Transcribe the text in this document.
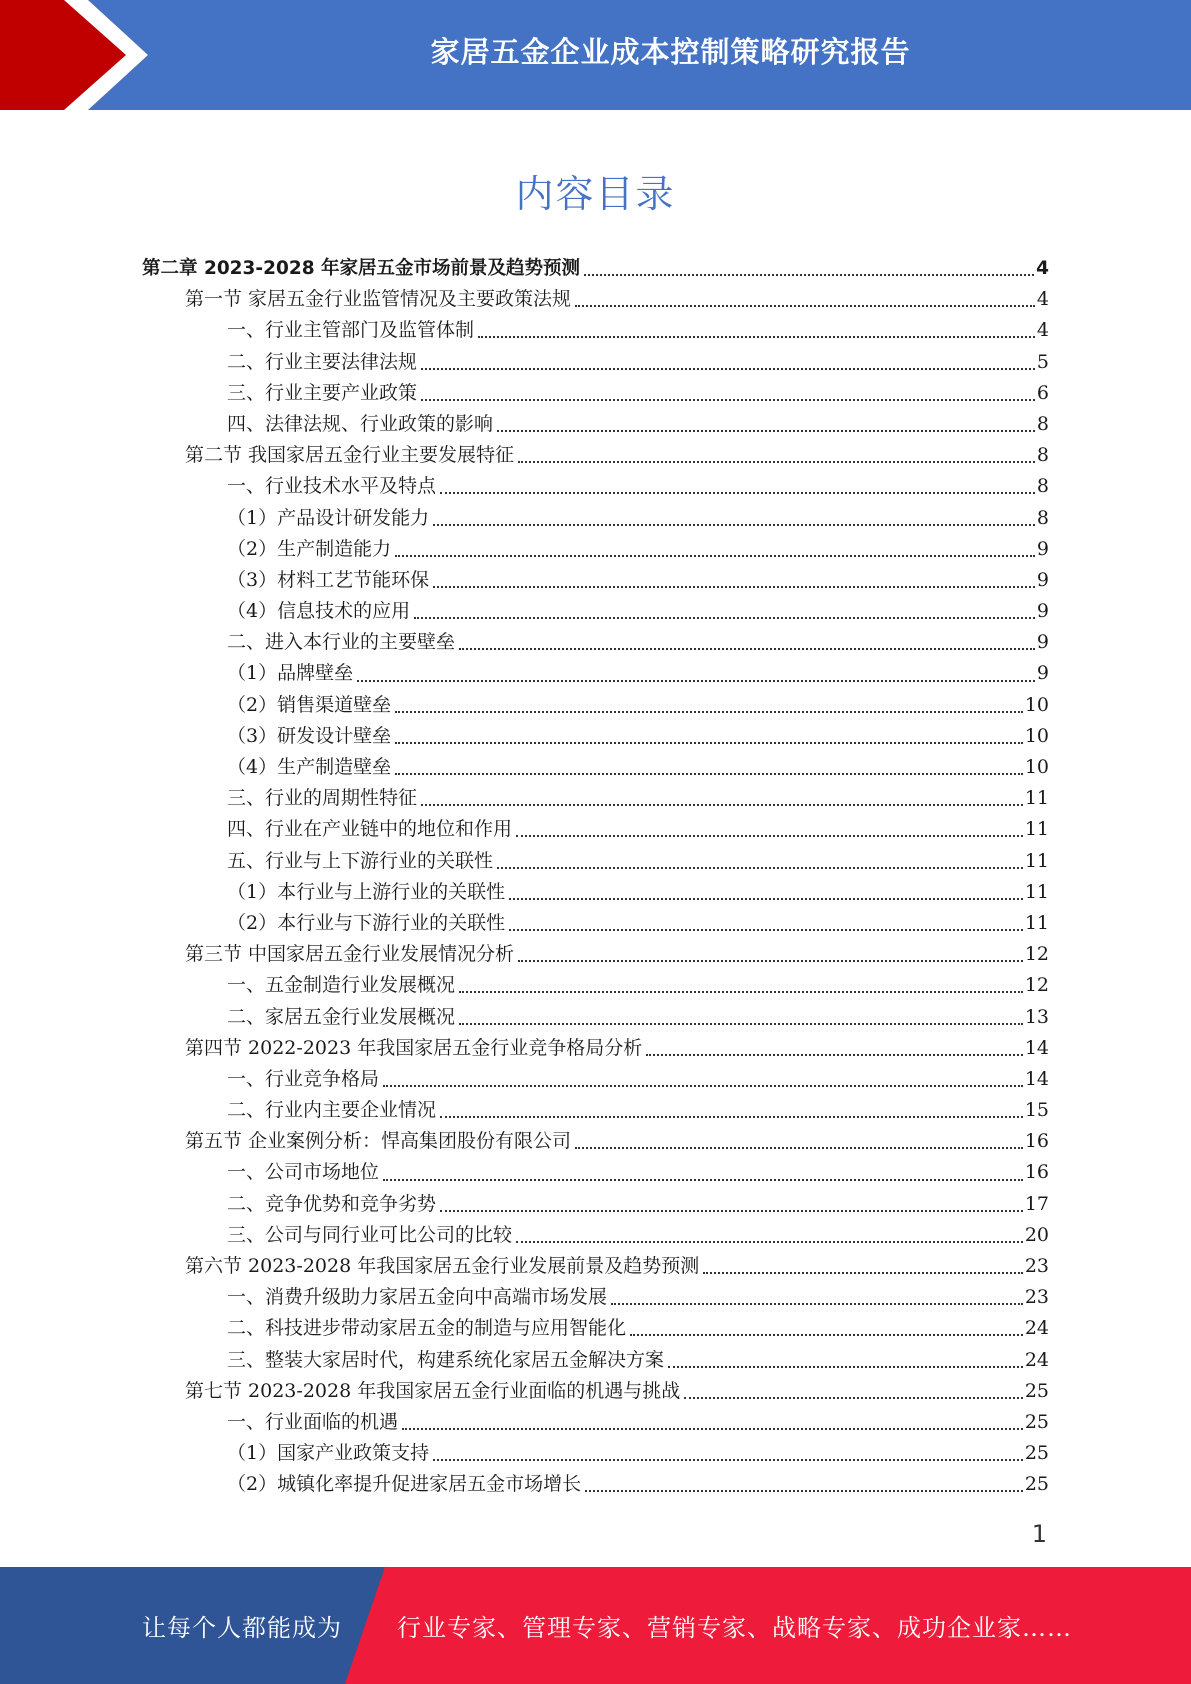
家居五金企业成本控制策略研究报告
内容目录
第二章 2023-2028 年家居五金市场前景及趋势预测	4
第一节 家居五金行业监管情况及主要政策法规	4
一、行业主管部门及监管体制	4
二、行业主要法律法规	5
三、行业主要产业政策	6
四、法律法规、行业政策的影响	8
第二节 我国家居五金行业主要发展特征	8
一、行业技术水平及特点	8
（1）产品设计研发能力	8
（2）生产制造能力	9
（3）材料工艺节能环保	9
（4）信息技术的应用	9
二、进入本行业的主要壁垒	9
（1）品牌壁垒	9
（2）销售渠道壁垒	10
（3）研发设计壁垒	10
（4）生产制造壁垒	10
三、行业的周期性特征	11
四、行业在产业链中的地位和作用	11
五、行业与上下游行业的关联性	11
（1）本行业与上游行业的关联性	11
（2）本行业与下游行业的关联性	11
第三节 中国家居五金行业发展情况分析	12
一、五金制造行业发展概况	12
二、家居五金行业发展概况	13
第四节 2022-2023 年我国家居五金行业竞争格局分析	14
一、行业竞争格局	14
二、行业内主要企业情况	15
第五节 企业案例分析：悍高集团股份有限公司	16
一、公司市场地位	16
二、竞争优势和竞争劣势	17
三、公司与同行业可比公司的比较	20
第六节 2023-2028 年我国家居五金行业发展前景及趋势预测	23
一、消费升级助力家居五金向中高端市场发展	23
二、科技进步带动家居五金的制造与应用智能化	24
三、整装大家居时代，构建系统化家居五金解决方案	24
第七节 2023-2028 年我国家居五金行业面临的机遇与挑战	25
一、行业面临的机遇	25
（1）国家产业政策支持	25
（2）城镇化率提升促进家居五金市场增长	25
1
让每个人都能成为 行业专家、管理专家、营销专家、战略专家、成功企业家……
